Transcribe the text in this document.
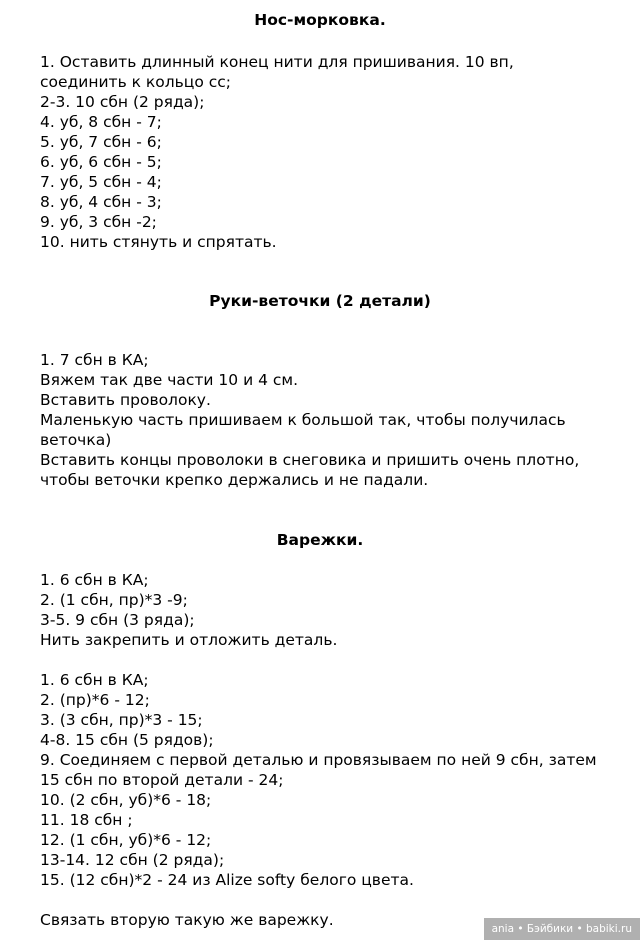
Нос-морковка.
1. Оставить длинный конец нити для пришивания. 10 вп,
соединить к кольцо сс;
2-3. 10 сбн (2 ряда);
4. уб, 8 сбн - 7;
5. уб, 7 сбн - 6;
6. уб, 6 сбн - 5;
7. уб, 5 сбн - 4;
8. уб, 4 сбн - 3;
9. уб, 3 сбн -2;
10. нить стянуть и спрятать.
Руки-веточки (2 детали)
1. 7 сбн в КА;
Вяжем так две части 10 и 4 см.
Вставить проволоку.
Маленькую часть пришиваем к большой так, чтобы получилась
веточка)
Вставить концы проволоки в снеговика и пришить очень плотно,
чтобы веточки крепко держались и не падали.
Варежки.
1. 6 сбн в КА;
2. (1 сбн, пр)*3 -9;
3-5. 9 сбн (3 ряда);
Нить закрепить и отложить деталь.
1. 6 сбн в КА;
2. (пр)*6 - 12;
3. (3 сбн, пр)*3 - 15;
4-8. 15 сбн (5 рядов);
9. Соединяем с первой деталью и провязываем по ней 9 сбн, затем
15 сбн по второй детали - 24;
10. (2 сбн, уб)*6 - 18;
11. 18 сбн ;
12. (1 сбн, уб)*6 - 12;
13-14. 12 сбн (2 ряда);
15. (12 сбн)*2 - 24 из Alize softy белого цвета.

Связать вторую такую же варежку.	ania • Бэйбики • babiki.ru
